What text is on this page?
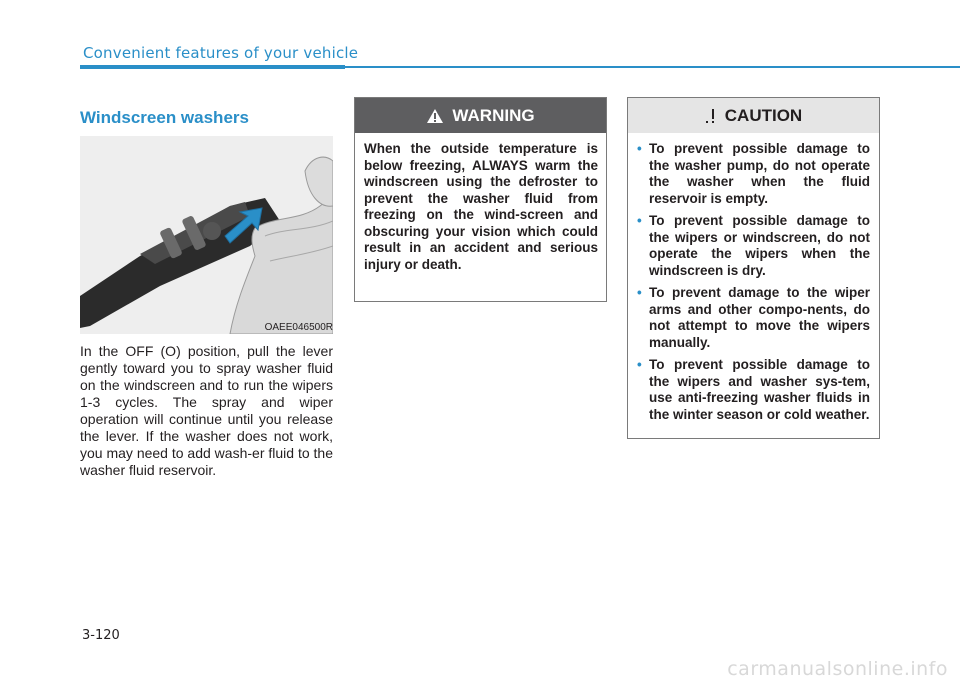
Convenient features of your vehicle
Windscreen washers
OAEE046500R

In the OFF (O) position, pull the lever gently toward you to spray washer fluid on the windscreen and to run the wipers 1-3 cycles. The spray and wiper operation will continue until you release the lever. If the washer does not work, you may need to add wash-er fluid to the washer fluid reservoir.

WARNING
When the outside temperature is below freezing, ALWAYS warm the windscreen using the defroster to prevent the washer fluid from freezing on the wind-screen and obscuring your vision which could result in an accident and serious injury or death.
CAUTION
• To prevent possible damage to the washer pump, do not operate the washer when the fluid reservoir is empty.
• To prevent possible damage to the wipers or windscreen, do not operate the wipers when the windscreen is dry.
• To prevent damage to the wiper arms and other compo-nents, do not attempt to move the wipers manually.
• To prevent possible damage to the wipers and washer sys-tem, use anti-freezing washer fluids in the winter season or cold weather.
3-120
carmanualsonline.info
